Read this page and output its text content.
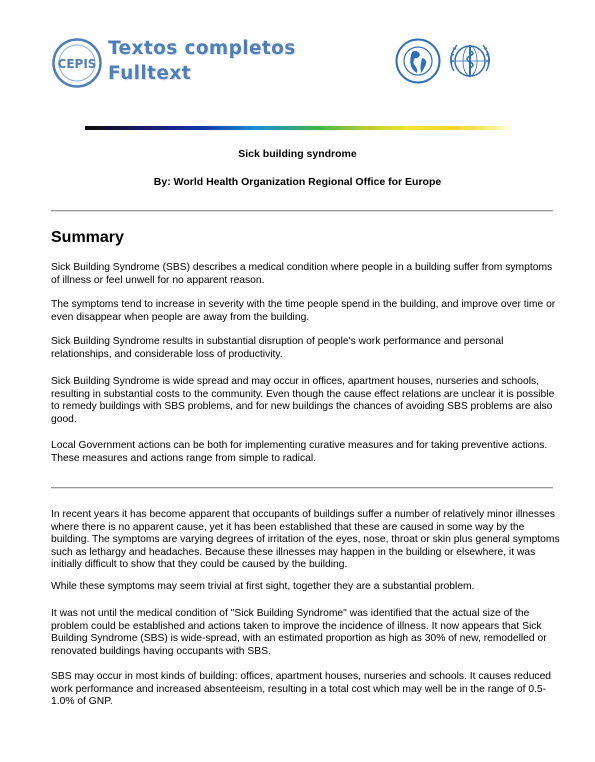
CEPIS
Textos completos
Fulltext
Sick building syndrome
By: World Health Organization Regional Office for Europe
Summary

Sick Building Syndrome (SBS) describes a medical condition where people in a building suffer from symptoms of illness or feel unwell for no apparent reason.

The symptoms tend to increase in severity with the time people spend in the building, and improve over time or even disappear when people are away from the building.

Sick Building Syndrome results in substantial disruption of people's work performance and personal relationships, and considerable loss of productivity.

Sick Building Syndrome is wide spread and may occur in offices, apartment houses, nurseries and schools, resulting in substantial costs to the community. Even though the cause effect relations are unclear it is possible to remedy buildings with SBS problems, and for new buildings the chances of avoiding SBS problems are also good.

Local Government actions can be both for implementing curative measures and for taking preventive actions. These measures and actions range from simple to radical.

In recent years it has become apparent that occupants of buildings suffer a number of relatively minor illnesses where there is no apparent cause, yet it has been established that these are caused in some way by the building. The symptoms are varying degrees of irritation of the eyes, nose, throat or skin plus general symptoms such as lethargy and headaches. Because these illnesses may happen in the building or elsewhere, it was initially difficult to show that they could be caused by the building.

While these symptoms may seem trivial at first sight, together they are a substantial problem.

It was not until the medical condition of "Sick Building Syndrome" was identified that the actual size of the problem could be established and actions taken to improve the incidence of illness. It now appears that Sick Building Syndrome (SBS) is wide-spread, with an estimated proportion as high as 30% of new, remodelled or renovated buildings having occupants with SBS.

SBS may occur in most kinds of building: offices, apartment houses, nurseries and schools. It causes reduced work performance and increased absenteeism, resulting in a total cost which may well be in the range of 0.5-1.0% of GNP.
